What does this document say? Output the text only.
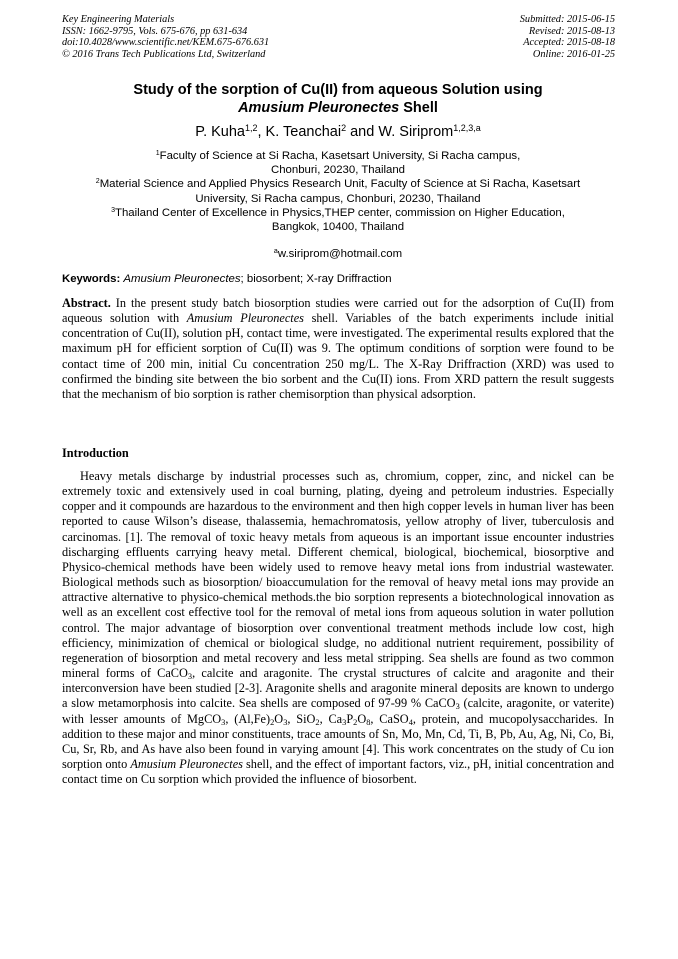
Key Engineering Materials
ISSN: 1662-9795, Vols. 675-676, pp 631-634
doi:10.4028/www.scientific.net/KEM.675-676.631
© 2016 Trans Tech Publications Ltd, Switzerland
Submitted: 2015-06-15
Revised: 2015-08-13
Accepted: 2015-08-18
Online: 2016-01-25
Study of the sorption of Cu(II) from aqueous Solution using
Amusium Pleuronectes Shell
P. Kuha$^{1,2}$, K. Teanchai$^2$ and W. Siriprom$^{1,2,3,a}$
$^1$Faculty of Science at Si Racha, Kasetsart University, Si Racha campus,
Chonburi, 20230, Thailand
$^2$Material Science and Applied Physics Research Unit, Faculty of Science at Si Racha, Kasetsart
University, Si Racha campus, Chonburi, 20230, Thailand
$^3$Thailand Center of Excellence in Physics,THEP center, commission on Higher Education,
Bangkok, 10400, Thailand
$^a$w.siriprom@hotmail.com
Keywords: Amusium Pleuronectes; biosorbent; X-ray Driffraction
Abstract. In the present study batch biosorption studies were carried out for the adsorption of Cu(II) from aqueous solution with Amusium Pleuronectes shell. Variables of the batch experiments include initial concentration of Cu(II), solution pH, contact time, were investigated. The experimental results explored that the maximum pH for efficient sorption of Cu(II) was 9. The optimum conditions of sorption were found to be contact time of 200 min, initial Cu concentration 250 mg/L. The X-Ray Driffraction (XRD) was used to confirmed the binding site between the bio sorbent and the Cu(II) ions. From XRD pattern the result suggests that the mechanism of bio sorption is rather chemisorption than physical adsorption.
Introduction
Heavy metals discharge by industrial processes such as, chromium, copper, zinc, and nickel can be extremely toxic and extensively used in coal burning, plating, dyeing and petroleum industries. Especially copper and it compounds are hazardous to the environment and then high copper levels in human liver has been reported to cause Wilson’s disease, thalassemia, hemachromatosis, yellow atrophy of liver, tuberculosis and carcinomas. [1]. The removal of toxic heavy metals from aqueous is an important issue encounter industries discharging effluents carrying heavy metal. Different chemical, biological, biochemical, biosorptive and Physico-chemical methods have been widely used to remove heavy metal ions from industrial wastewater. Biological methods such as biosorption/ bioaccumulation for the removal of heavy metal ions may provide an attractive alternative to physico-chemical methods.the bio sorption represents a biotechnological innovation as well as an excellent cost effective tool for the removal of metal ions from aqueous solution in water pollution control. The major advantage of biosorption over conventional treatment methods include low cost, high efficiency, minimization of chemical or biological sludge, no additional nutrient requirement, possibility of regeneration of biosorption and metal recovery and less metal stripping. Sea shells are found as two common mineral forms of CaCO$_3$, calcite and aragonite. The crystal structures of calcite and aragonite and their interconversion have been studied [2-3]. Aragonite shells and aragonite mineral deposits are known to undergo a slow metamorphosis into calcite. Sea shells are composed of 97-99 % CaCO$_3$ (calcite, aragonite, or vaterite) with lesser amounts of MgCO$_3$, $(Al,Fe)_2O_3$, SiO$_2$, $Ca_3P_2O_8$, CaSO$_4$, protein, and mucopolysaccharides. In addition to these major and minor constituents, trace amounts of Sn, Mo, Mn, Cd, Ti, B, Pb, Au, Ag, Ni, Co, Bi, Cu, Sr, Rb, and As have also been found in varying amount [4]. This work concentrates on the study of Cu ion sorption onto Amusium Pleuronectes shell, and the effect of important factors, viz., pH, initial concentration and contact time on Cu sorption which provided the influence of biosorbent.
